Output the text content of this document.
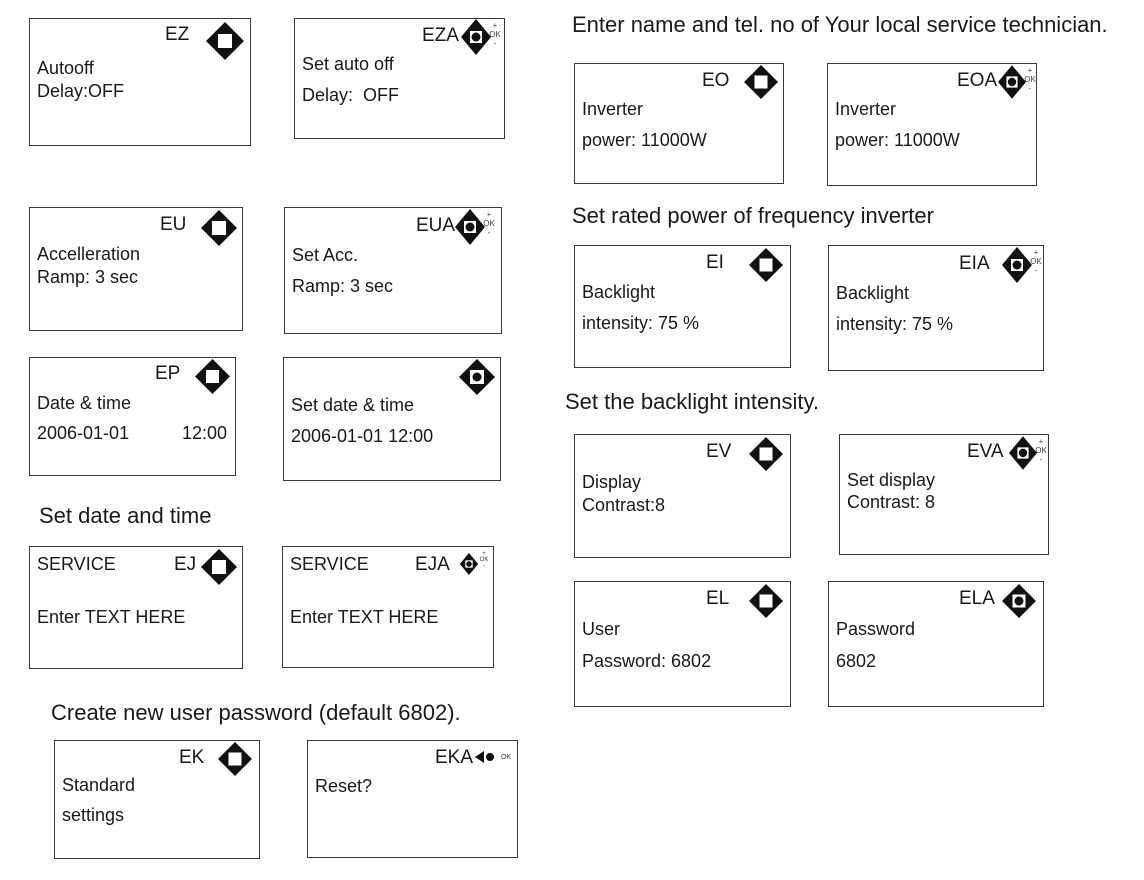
EZ
Autooff
Delay:OFF
EZA	+
OK
-
Set auto off
Delay:  OFF
EU
Accelleration
Ramp: 3 sec
EUA
+
OK
-
Set Acc.
Ramp: 3 sec
EP
Date & time
2006-01-01	12:00
Set date & time
2006-01-01 12:00
Set date and time
SERVICE	EJ
Enter TEXT HERE
SERVICE EJA	+
OK
-
Enter TEXT HERE
Create new user password (default 6802).
EK
Standard
settings
EKA	OK
Reset?
Enter name and tel. no of Your local service technician.
EO
Inverter
power: 11000W
EOA	+
OK
-
Inverter
power: 11000W
Set rated power of frequency inverter
EI
Backlight
intensity: 75 %
EIA
+
OK
-
Backlight
intensity: 75 %
Set the backlight intensity.
EV
Display
Contrast:8
EVA	+
OK
-
Set display
Contrast: 8
EL
User
Password: 6802
ELA
Password
6802
